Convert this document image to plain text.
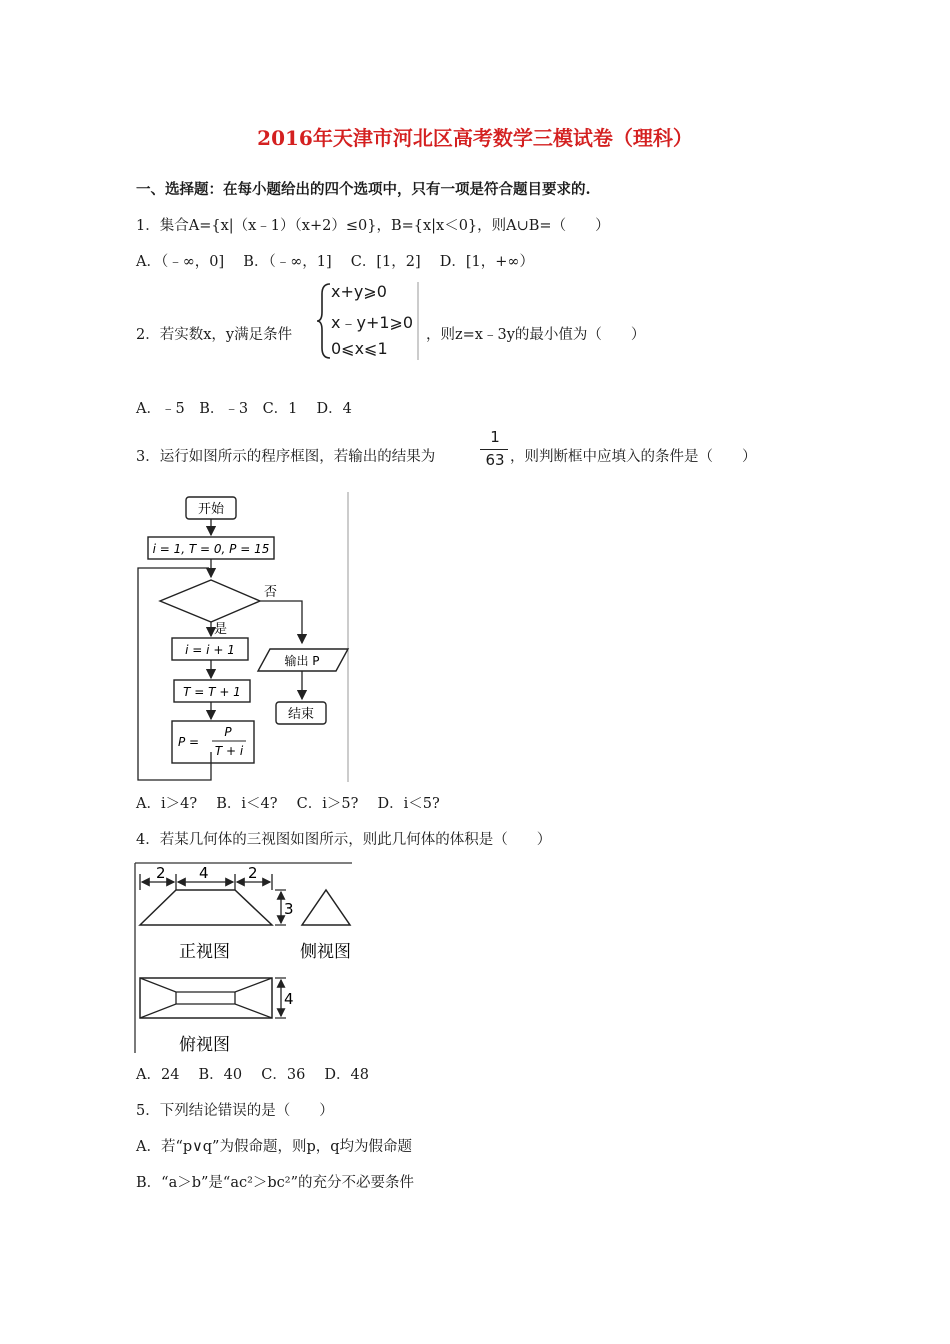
2016年天津市河北区高考数学三模试卷（理科）
一、选择题：在每小题给出的四个选项中，只有一项是符合题目要求的.
1．集合A={x|（x﹣1）（x+2）≤0}，B={x|x＜0}，则A∪B=（　　）
A．（﹣∞，0]　 B．（﹣∞，1]　 C．[1，2]　 D．[1，+∞）
2．若实数x，y满足条件
x+y⩾0
x﹣y+1⩾0
0⩽x⩽1
，则z=x﹣3y的最小值为（　　）
A．﹣5　B．﹣3　C．1　 D．4
3．运行如图所示的程序框图，若输出的结果为
1
63 ，则判断框中应填入的条件是（　　）
开始
i = 1, T = 0, P = 15
否
是
i = i + 1
T = T + 1
P =
P
T + i
输出 P
结束
A．i＞4?　 B．i＜4?　 C．i＞5?　 D．i＜5?
4．若某几何体的三视图如图所示，则此几何体的体积是（　　）
2 4	2
3
正视图	侧视图
4
俯视图
A．24　 B．40　 C．36　 D．48
5．下列结论错误的是（　　）
A．若“p∨q”为假命题，则p，q均为假命题
B．“a＞b”是“ac²＞bc²”的充分不必要条件
